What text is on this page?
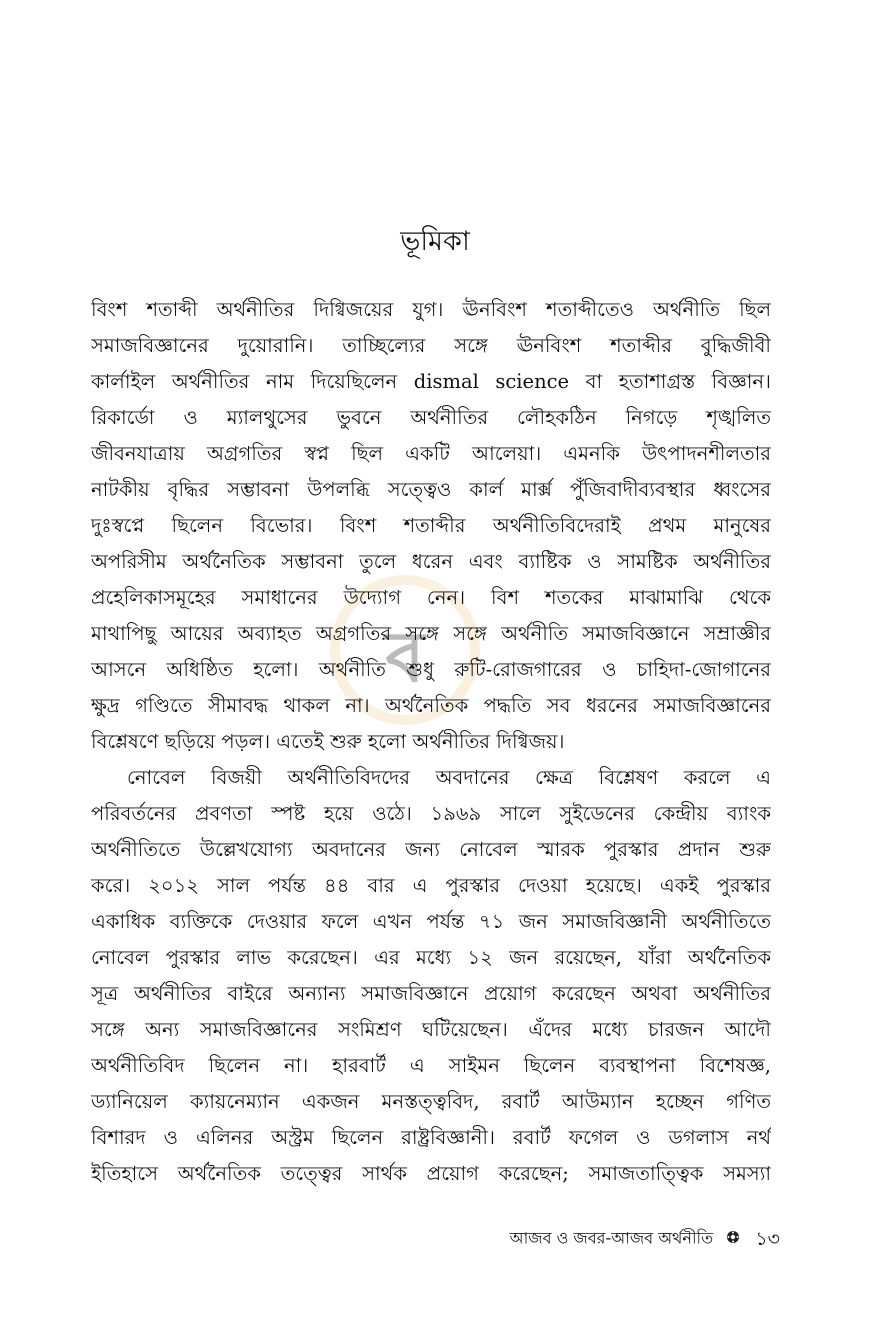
ব
ভূমিকা
বিংশ শতাব্দী অর্থনীতির দিগ্বিজয়ের যুগ। ঊনবিংশ শতাব্দীতেও অর্থনীতি ছিল
সমাজবিজ্ঞানের দুয়োরানি। তাচ্ছিল্যের সঙ্গে ঊনবিংশ শতাব্দীর বুদ্ধিজীবী
কার্লাইল অর্থনীতির নাম দিয়েছিলেন dismal science বা হতাশাগ্রস্ত বিজ্ঞান।
রিকার্ডো ও ম্যালথুসের ভুবনে অর্থনীতির লৌহকঠিন নিগড়ে শৃঙ্খলিত
জীবনযাত্রায় অগ্রগতির স্বপ্ন ছিল একটি আলেয়া। এমনকি উৎপাদনশীলতার
নাটকীয় বৃদ্ধির সম্ভাবনা উপলব্ধি সত্ত্বেও কার্ল মার্ক্স পুঁজিবাদীব্যবস্থার ধ্বংসের
দুঃস্বপ্নে ছিলেন বিভোর। বিংশ শতাব্দীর অর্থনীতিবিদেরাই প্রথম মানুষের
অপরিসীম অর্থনৈতিক সম্ভাবনা তুলে ধরেন এবং ব্যাষ্টিক ও সামষ্টিক অর্থনীতির
প্রহেলিকাসমূহের সমাধানের উদ্যোগ নেন। বিশ শতকের মাঝামাঝি থেকে
মাথাপিছু আয়ের অব্যাহত অগ্রগতির সঙ্গে সঙ্গে অর্থনীতি সমাজবিজ্ঞানে সম্রাজ্ঞীর
আসনে অধিষ্ঠিত হলো। অর্থনীতি শুধু রুটি-রোজগারের ও চাহিদা-জোগানের
ক্ষুদ্র গণ্ডিতে সীমাবদ্ধ থাকল না। অর্থনৈতিক পদ্ধতি সব ধরনের সমাজবিজ্ঞানের
বিশ্লেষণে ছড়িয়ে পড়ল। এতেই শুরু হলো অর্থনীতির দিগ্বিজয়।
নোবেল বিজয়ী অর্থনীতিবিদদের অবদানের ক্ষেত্র বিশ্লেষণ করলে এ
পরিবর্তনের প্রবণতা স্পষ্ট হয়ে ওঠে। ১৯৬৯ সালে সুইডেনের কেন্দ্রীয় ব্যাংক
অর্থনীতিতে উল্লেখযোগ্য অবদানের জন্য নোবেল স্মারক পুরস্কার প্রদান শুরু
করে। ২০১২ সাল পর্যন্ত ৪৪ বার এ পুরস্কার দেওয়া হয়েছে। একই পুরস্কার
একাধিক ব্যক্তিকে দেওয়ার ফলে এখন পর্যন্ত ৭১ জন সমাজবিজ্ঞানী অর্থনীতিতে
নোবেল পুরস্কার লাভ করেছেন। এর মধ্যে ১২ জন রয়েছেন, যাঁরা অর্থনৈতিক
সূত্র অর্থনীতির বাইরে অন্যান্য সমাজবিজ্ঞানে প্রয়োগ করেছেন অথবা অর্থনীতির
সঙ্গে অন্য সমাজবিজ্ঞানের সংমিশ্রণ ঘটিয়েছেন। এঁদের মধ্যে চারজন আদৌ
অর্থনীতিবিদ ছিলেন না। হারবার্ট এ সাইমন ছিলেন ব্যবস্থাপনা বিশেষজ্ঞ,
ড্যানিয়েল ক্যায়নেম্যান একজন মনস্তত্ত্ববিদ, রবার্ট আউম্যান হচ্ছেন গণিত
বিশারদ ও এলিনর অস্ট্রম ছিলেন রাষ্ট্রবিজ্ঞানী। রবার্ট ফগেল ও ডগলাস নর্থ
ইতিহাসে অর্থনৈতিক তত্ত্বের সার্থক প্রয়োগ করেছেন; সমাজতাত্ত্বিক সমস্যা
আজব ও জবর-আজব অর্থনীতি ১৩
